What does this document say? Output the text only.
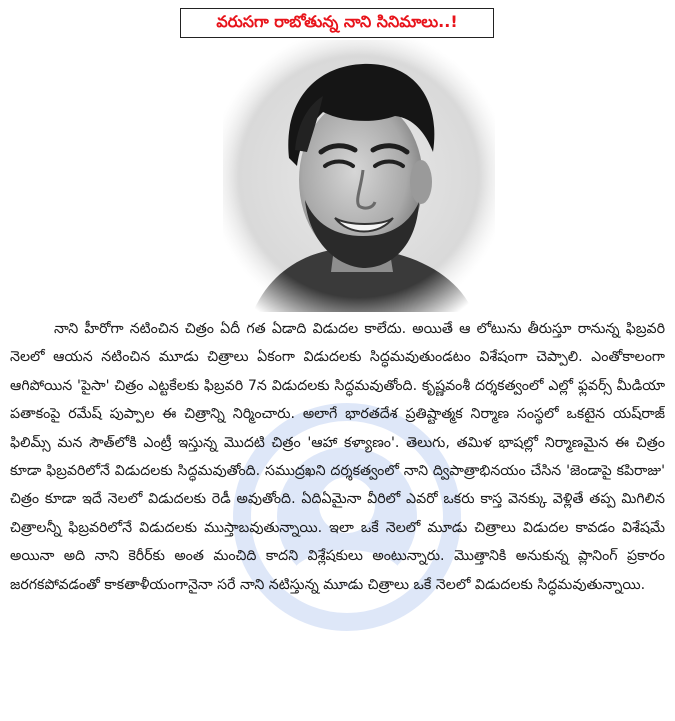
వరుసగా రాబోతున్న నాని సినిమాలు..!

నాని హీరోగా నటించిన చిత్రం ఏదీ గత ఏడాది విడుదల కాలేదు. అయితే ఆ లోటును తీరుస్తూ రానున్న ఫిబ్రవరి నెలలో ఆయన నటించిన మూడు చిత్రాలు ఏకంగా విడుదలకు సిద్ధమవుతుండటం విశేషంగా చెప్పాలి. ఎంతోకాలంగా ఆగిపోయిన 'పైసా' చిత్రం ఎట్టకేలకు ఫిబ్రవరి 7న విడుదలకు సిద్ధమవుతోంది. కృష్ణవంశీ దర్శకత్వంలో ఎల్లో ఫ్లవర్స్ మీడియా పతాకంపై రమేష్ పుప్పాల ఈ చిత్రాన్ని నిర్మించారు. అలాగే భారతదేశ ప్రతిష్టాత్మక నిర్మాణ సంస్థలో ఒకటైన యష్‌రాజ్ ఫిలిమ్స్ మన సౌత్‌లోకి ఎంట్రీ ఇస్తున్న మొదటి చిత్రం 'ఆహా కళ్యాణం'. తెలుగు, తమిళ భాషల్లో నిర్మాణమైన ఈ చిత్రం కూడా ఫిబ్రవరిలోనే విడుదలకు సిద్ధమవుతోంది. సముద్రఖని దర్శకత్వంలో నాని ద్విపాత్రాభినయం చేసిన 'జెండాపై కపిరాజు' చిత్రం కూడా ఇదే నెలలో విడుదలకు రెడీ అవుతోంది. ఏదిఏమైనా వీరిలో ఎవరో ఒకరు కాస్త వెనక్కు వెళ్లితే తప్ప మిగిలిన చిత్రాలన్నీ ఫిబ్రవరిలోనే విడుదలకు ముస్తాబవుతున్నాయి. ఇలా ఒకే నెలలో మూడు చిత్రాలు విడుదల కావడం విశేషమే అయినా అది నాని కెరీర్‌కు అంత మంచిది కాదని విశ్లేషకులు అంటున్నారు. మొత్తానికి అనుకున్న ప్లానింగ్ ప్రకారం జరగకపోవడంతో కాకతాళీయంగానైనా సరే నాని నటిస్తున్న మూడు చిత్రాలు ఒకే నెలలో విడుదలకు సిద్ధమవుతున్నాయి.
